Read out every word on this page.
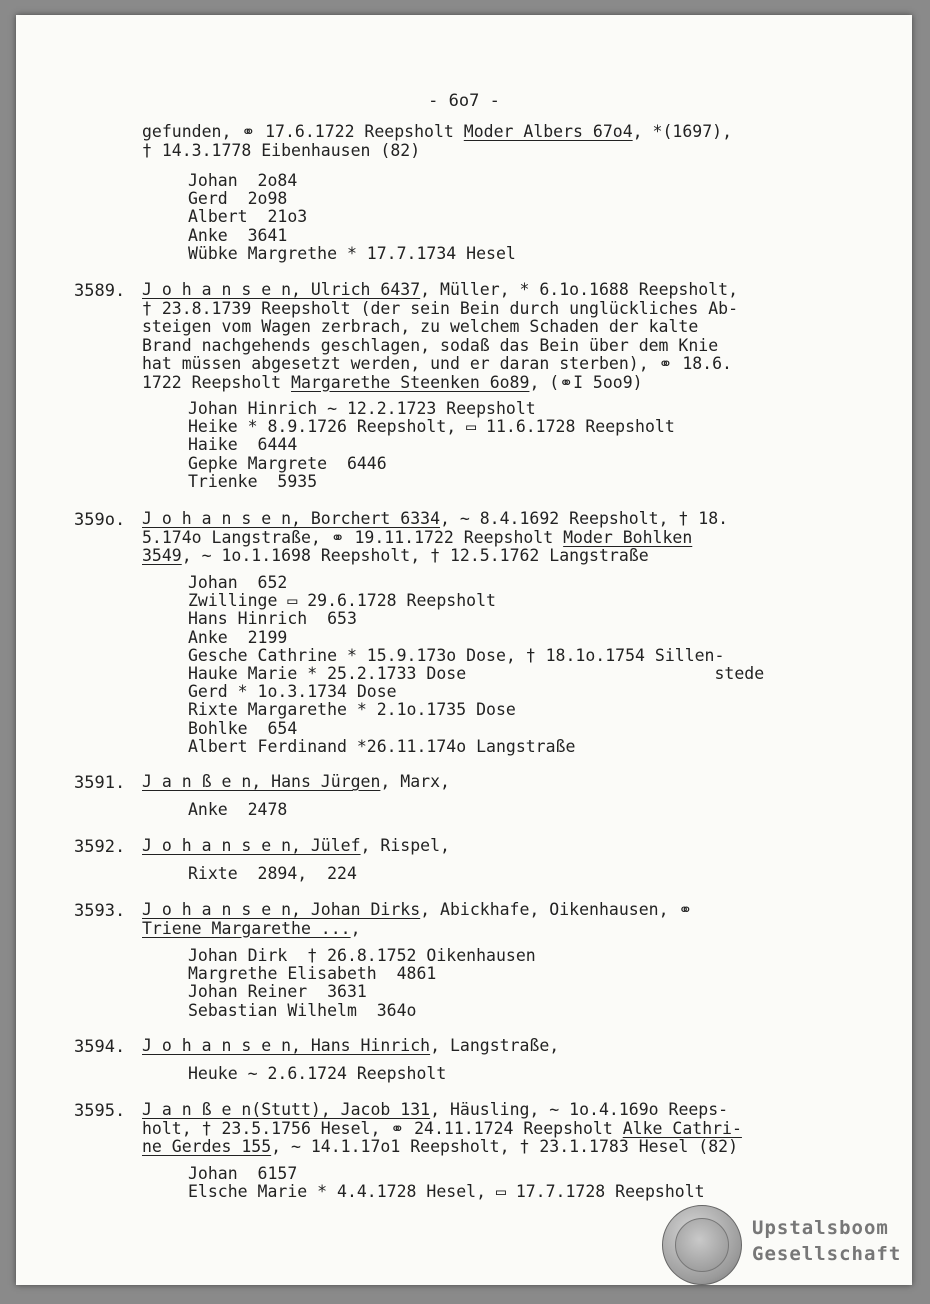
- 6o7 -
gefunden, ⚭ 17.6.1722 Reepsholt Moder Albers 67o4, *(1697),
† 14.3.1778 Eibenhausen (82)
Johan  2o84
Gerd  2o98
Albert  21o3
Anke  3641
Wübke Margrethe * 17.7.1734 Hesel
3589. J o h a n s e n, Ulrich 6437, Müller, * 6.1o.1688 Reepsholt,
† 23.8.1739 Reepsholt (der sein Bein durch unglückliches Ab-
steigen vom Wagen zerbrach, zu welchem Schaden der kalte
Brand nachgehends geschlagen, sodaß das Bein über dem Knie
hat müssen abgesetzt werden, und er daran sterben), ⚭ 18.6.
1722 Reepsholt Margarethe Steenken 6o89, (⚭I 5oo9)
Johan Hinrich ~ 12.2.1723 Reepsholt
Heike * 8.9.1726 Reepsholt, ▭ 11.6.1728 Reepsholt
Haike  6444
Gepke Margrete  6446
Trienke  5935
359o. J o h a n s e n, Borchert 6334, ~ 8.4.1692 Reepsholt, † 18.
5.174o Langstraße, ⚭ 19.11.1722 Reepsholt Moder Bohlken
3549, ~ 1o.1.1698 Reepsholt, † 12.5.1762 Langstraße
Johan  652
Zwillinge ▭ 29.6.1728 Reepsholt
Hans Hinrich  653
Anke  2199
Gesche Cathrine * 15.9.173o Dose, † 18.1o.1754 Sillen-
Hauke Marie * 25.2.1733 Dose                         stede
Gerd * 1o.3.1734 Dose
Rixte Margarethe * 2.1o.1735 Dose
Bohlke  654
Albert Ferdinand *26.11.174o Langstraße
3591. J a n ß e n, Hans Jürgen, Marx,
Anke  2478
3592. J o h a n s e n, Jülef, Rispel,
Rixte  2894,  224
3593. J o h a n s e n, Johan Dirks, Abickhafe, Oikenhausen, ⚭
Triene Margarethe ...,
Johan Dirk  † 26.8.1752 Oikenhausen
Margrethe Elisabeth  4861
Johan Reiner  3631
Sebastian Wilhelm  364o
3594. J o h a n s e n, Hans Hinrich, Langstraße,
Heuke ~ 2.6.1724 Reepsholt
3595. J a n ß e n(Stutt), Jacob 131, Häusling, ~ 1o.4.169o Reeps-
holt, † 23.5.1756 Hesel, ⚭ 24.11.1724 Reepsholt Alke Cathri-
ne Gerdes 155, ~ 14.1.17o1 Reepsholt, † 23.1.1783 Hesel (82)
Johan  6157
Elsche Marie * 4.4.1728 Hesel, ▭ 17.7.1728 Reepsholt
Upstalsboom
Gesellschaft
